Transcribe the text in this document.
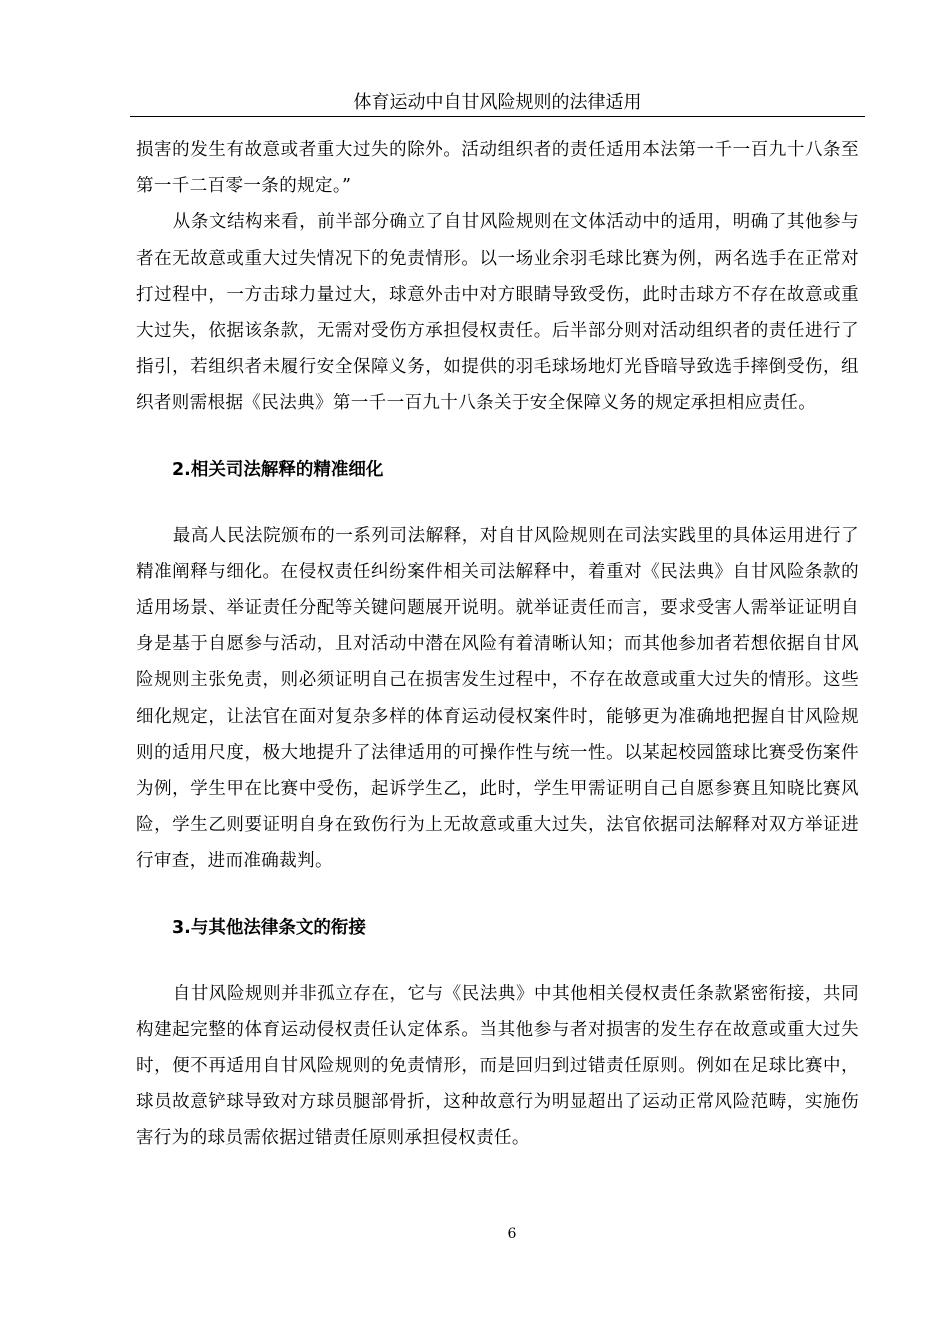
体育运动中自甘风险规则的法律适用

损害的发生有故意或者重大过失的除外。活动组织者的责任适用本法第一千一百九十八条至第一千二百零一条的规定。”

从条文结构来看，前半部分确立了自甘风险规则在文体活动中的适用，明确了其他参与者在无故意或重大过失情况下的免责情形。以一场业余羽毛球比赛为例，两名选手在正常对打过程中，一方击球力量过大，球意外击中对方眼睛导致受伤，此时击球方不存在故意或重大过失，依据该条款，无需对受伤方承担侵权责任。后半部分则对活动组织者的责任进行了指引，若组织者未履行安全保障义务，如提供的羽毛球场地灯光昏暗导致选手摔倒受伤，组织者则需根据《民法典》第一千一百九十八条关于安全保障义务的规定承担相应责任。

2.相关司法解释的精准细化

最高人民法院颁布的一系列司法解释，对自甘风险规则在司法实践里的具体运用进行了精准阐释与细化。在侵权责任纠纷案件相关司法解释中，着重对《民法典》自甘风险条款的适用场景、举证责任分配等关键问题展开说明。就举证责任而言，要求受害人需举证证明自身是基于自愿参与活动，且对活动中潜在风险有着清晰认知；而其他参加者若想依据自甘风险规则主张免责，则必须证明自己在损害发生过程中，不存在故意或重大过失的情形。这些细化规定，让法官在面对复杂多样的体育运动侵权案件时，能够更为准确地把握自甘风险规则的适用尺度，极大地提升了法律适用的可操作性与统一性。以某起校园篮球比赛受伤案件为例，学生甲在比赛中受伤，起诉学生乙，此时，学生甲需证明自己自愿参赛且知晓比赛风险，学生乙则要证明自身在致伤行为上无故意或重大过失，法官依据司法解释对双方举证进行审查，进而准确裁判。

3.与其他法律条文的衔接

自甘风险规则并非孤立存在，它与《民法典》中其他相关侵权责任条款紧密衔接，共同构建起完整的体育运动侵权责任认定体系。当其他参与者对损害的发生存在故意或重大过失时，便不再适用自甘风险规则的免责情形，而是回归到过错责任原则。例如在足球比赛中，球员故意铲球导致对方球员腿部骨折，这种故意行为明显超出了运动正常风险范畴，实施伤害行为的球员需依据过错责任原则承担侵权责任。

6
